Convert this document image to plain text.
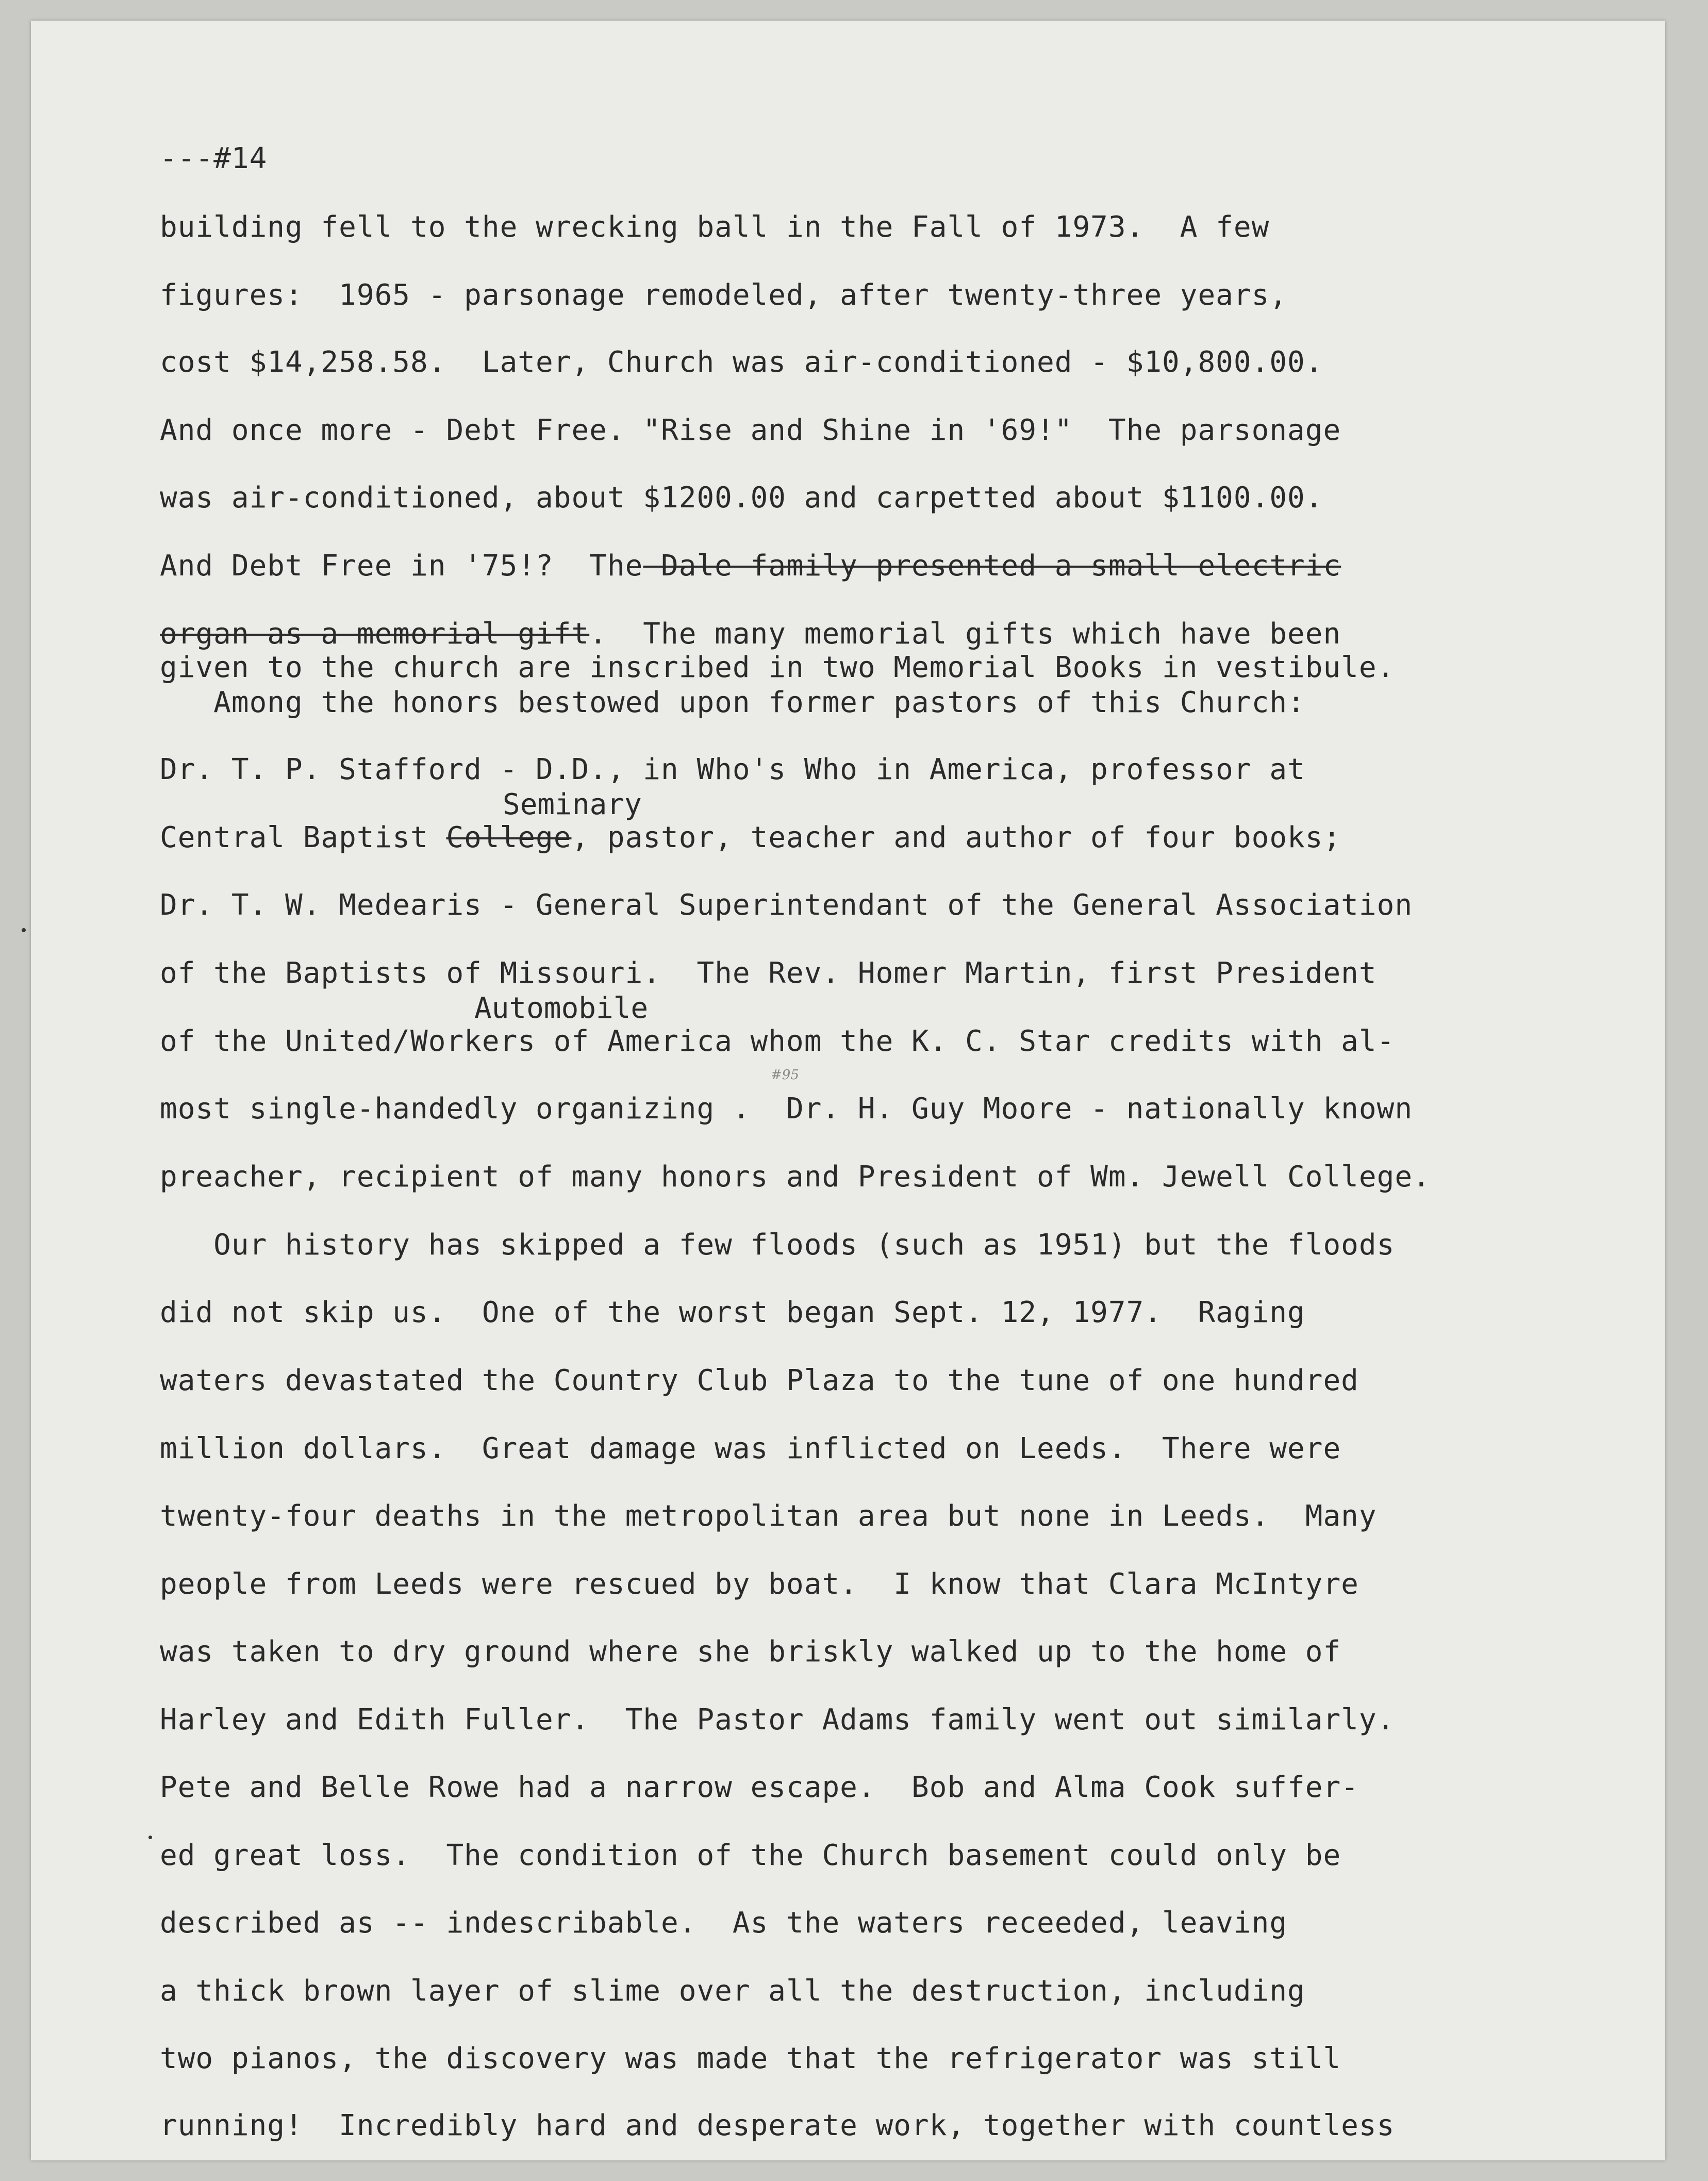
---#14

building fell to the wrecking ball in the Fall of 1973.  A few

figures:  1965 - parsonage remodeled, after twenty-three years,

cost $14,258.58.  Later, Church was air-conditioned - $10,800.00.

And once more - Debt Free. "Rise and Shine in '69!"  The parsonage

was air-conditioned, about $1200.00 and carpetted about $1100.00.

And Debt Free in '75!?  The Dale family presented a small electric

organ as a memorial gift.  The many memorial gifts which have been

given to the church are inscribed in two Memorial Books in vestibule.

Among the honors bestowed upon former pastors of this Church:

Dr. T. P. Stafford - D.D., in Who's Who in America, professor at

Seminary

Central Baptist College, pastor, teacher and author of four books;

Dr. T. W. Medearis - General Superintendant of the General Association

of the Baptists of Missouri.  The Rev. Homer Martin, first President

Automobile

of the United/Workers of America whom the K. C. Star credits with al-

#95

most single-handedly organizing .  Dr. H. Guy Moore - nationally known

preacher, recipient of many honors and President of Wm. Jewell College.

Our history has skipped a few floods (such as 1951) but the floods

did not skip us.  One of the worst began Sept. 12, 1977.  Raging

waters devastated the Country Club Plaza to the tune of one hundred

million dollars.  Great damage was inflicted on Leeds.  There were

twenty-four deaths in the metropolitan area but none in Leeds.  Many

people from Leeds were rescued by boat.  I know that Clara McIntyre

was taken to dry ground where she briskly walked up to the home of

Harley and Edith Fuller.  The Pastor Adams family went out similarly.

Pete and Belle Rowe had a narrow escape.  Bob and Alma Cook suffer-

ed great loss.  The condition of the Church basement could only be

described as -- indescribable.  As the waters receeded, leaving

a thick brown layer of slime over all the destruction, including

two pianos, the discovery was made that the refrigerator was still

running!  Incredibly hard and desperate work, together with countless
